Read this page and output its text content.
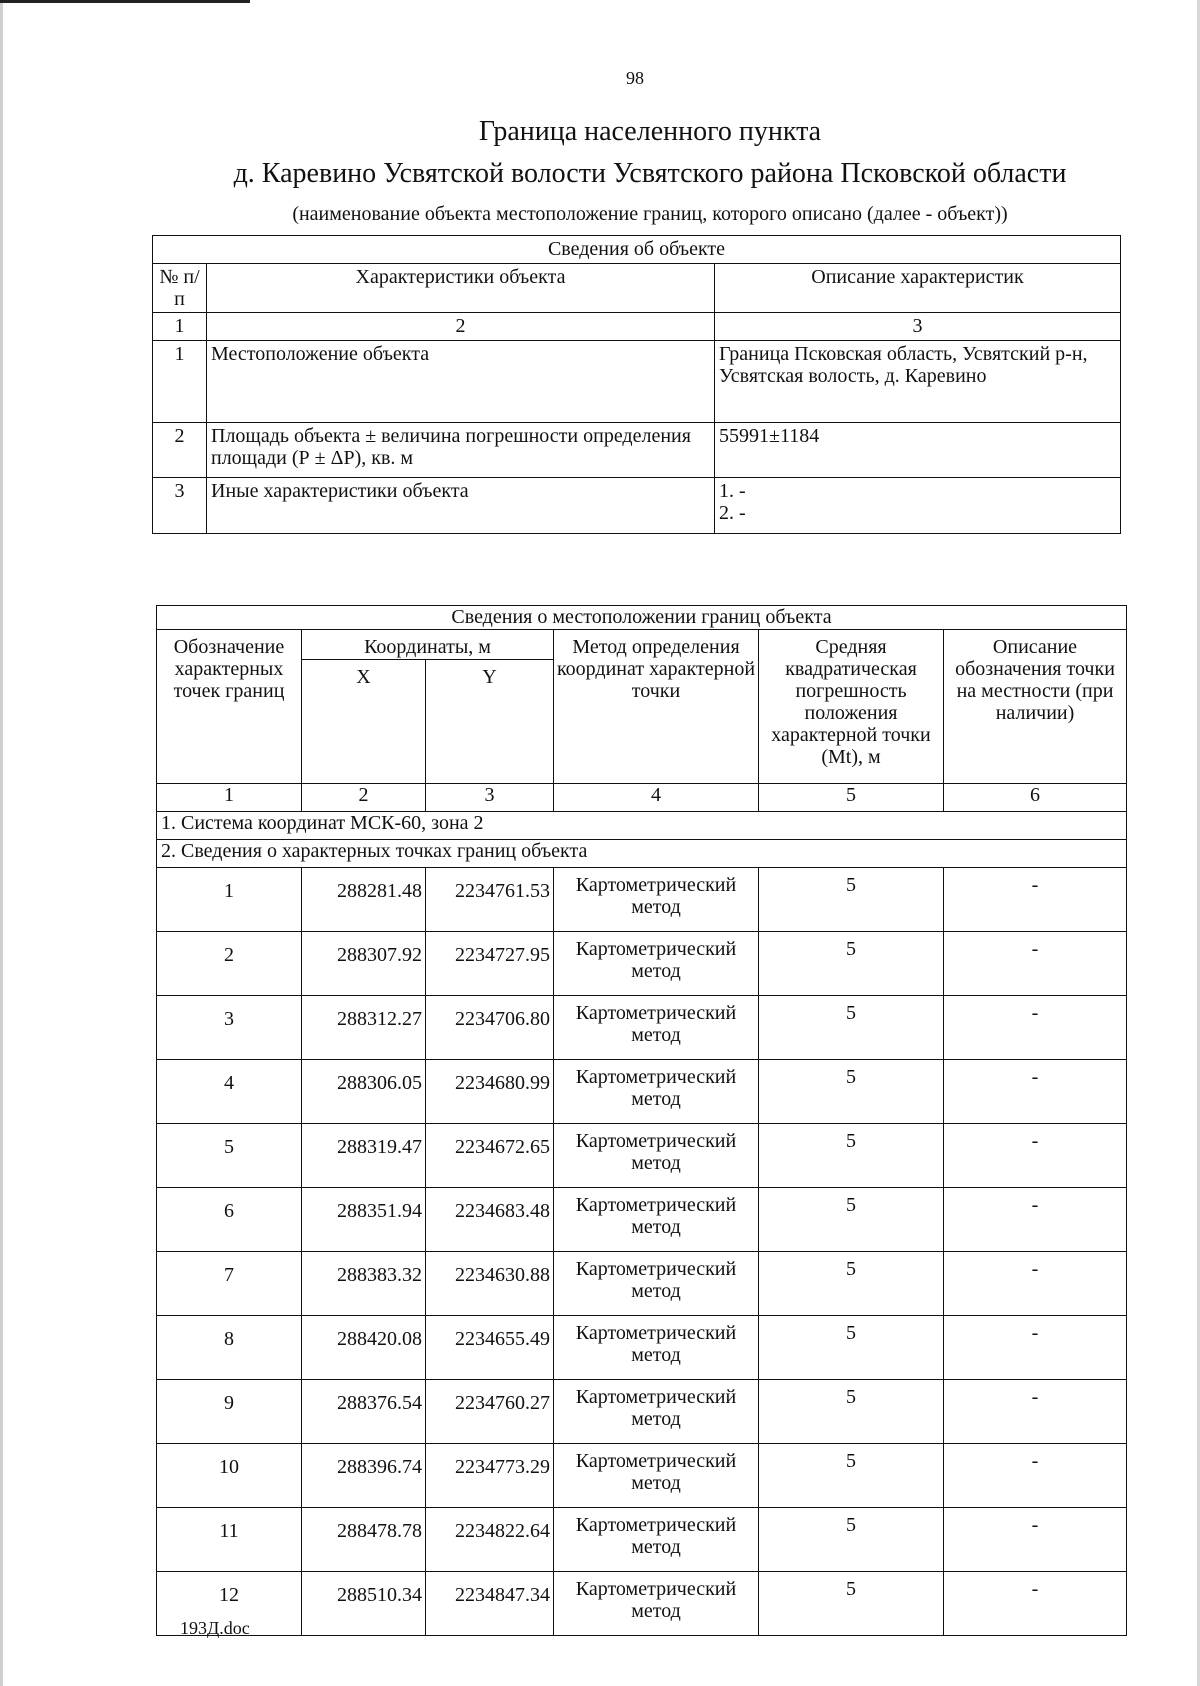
98
Граница населенного пункта
д. Каревино Усвятской волости Усвятского района Псковской области
(наименование объекта местоположение границ, которого описано (далее - объект))
Сведения об объекте		
№ п/п	Характеристики объекта	Описание характеристик
1	2	3
1	Местоположение объекта	Граница Псковская область, Усвятский р-н, Усвятская волость, д. Каревино
2	Площадь объекта ± величина погрешности определения площади (Р ± ΔР), кв. м	55991±1184
3	Иные характеристики объекта	1. -
2. -
Сведения о местоположении границ объекта					
Обозначение характерных точек границ	Координаты, м		Метод определения координат характерной точки	Средняя квадратическая погрешность положения характерной точки (Mt), м	Описание обозначения точки на местности (при наличии)
	X	Y			
1	2	3	4	5	6
1. Система координат МСК-60, зона 2					
2. Сведения о характерных точках границ объекта					
1	288281.48	2234761.53	Картометрический метод	5	-
2	288307.92	2234727.95	Картометрический метод	5	-
3	288312.27	2234706.80	Картометрический метод	5	-
4	288306.05	2234680.99	Картометрический метод	5	-
5	288319.47	2234672.65	Картометрический метод	5	-
6	288351.94	2234683.48	Картометрический метод	5	-
7	288383.32	2234630.88	Картометрический метод	5	-
8	288420.08	2234655.49	Картометрический метод	5	-
9	288376.54	2234760.27	Картометрический метод	5	-
10	288396.74	2234773.29	Картометрический метод	5	-
11	288478.78	2234822.64	Картометрический метод	5	-
12	288510.34	2234847.34	Картометрический метод	5	-
193Д.doc
